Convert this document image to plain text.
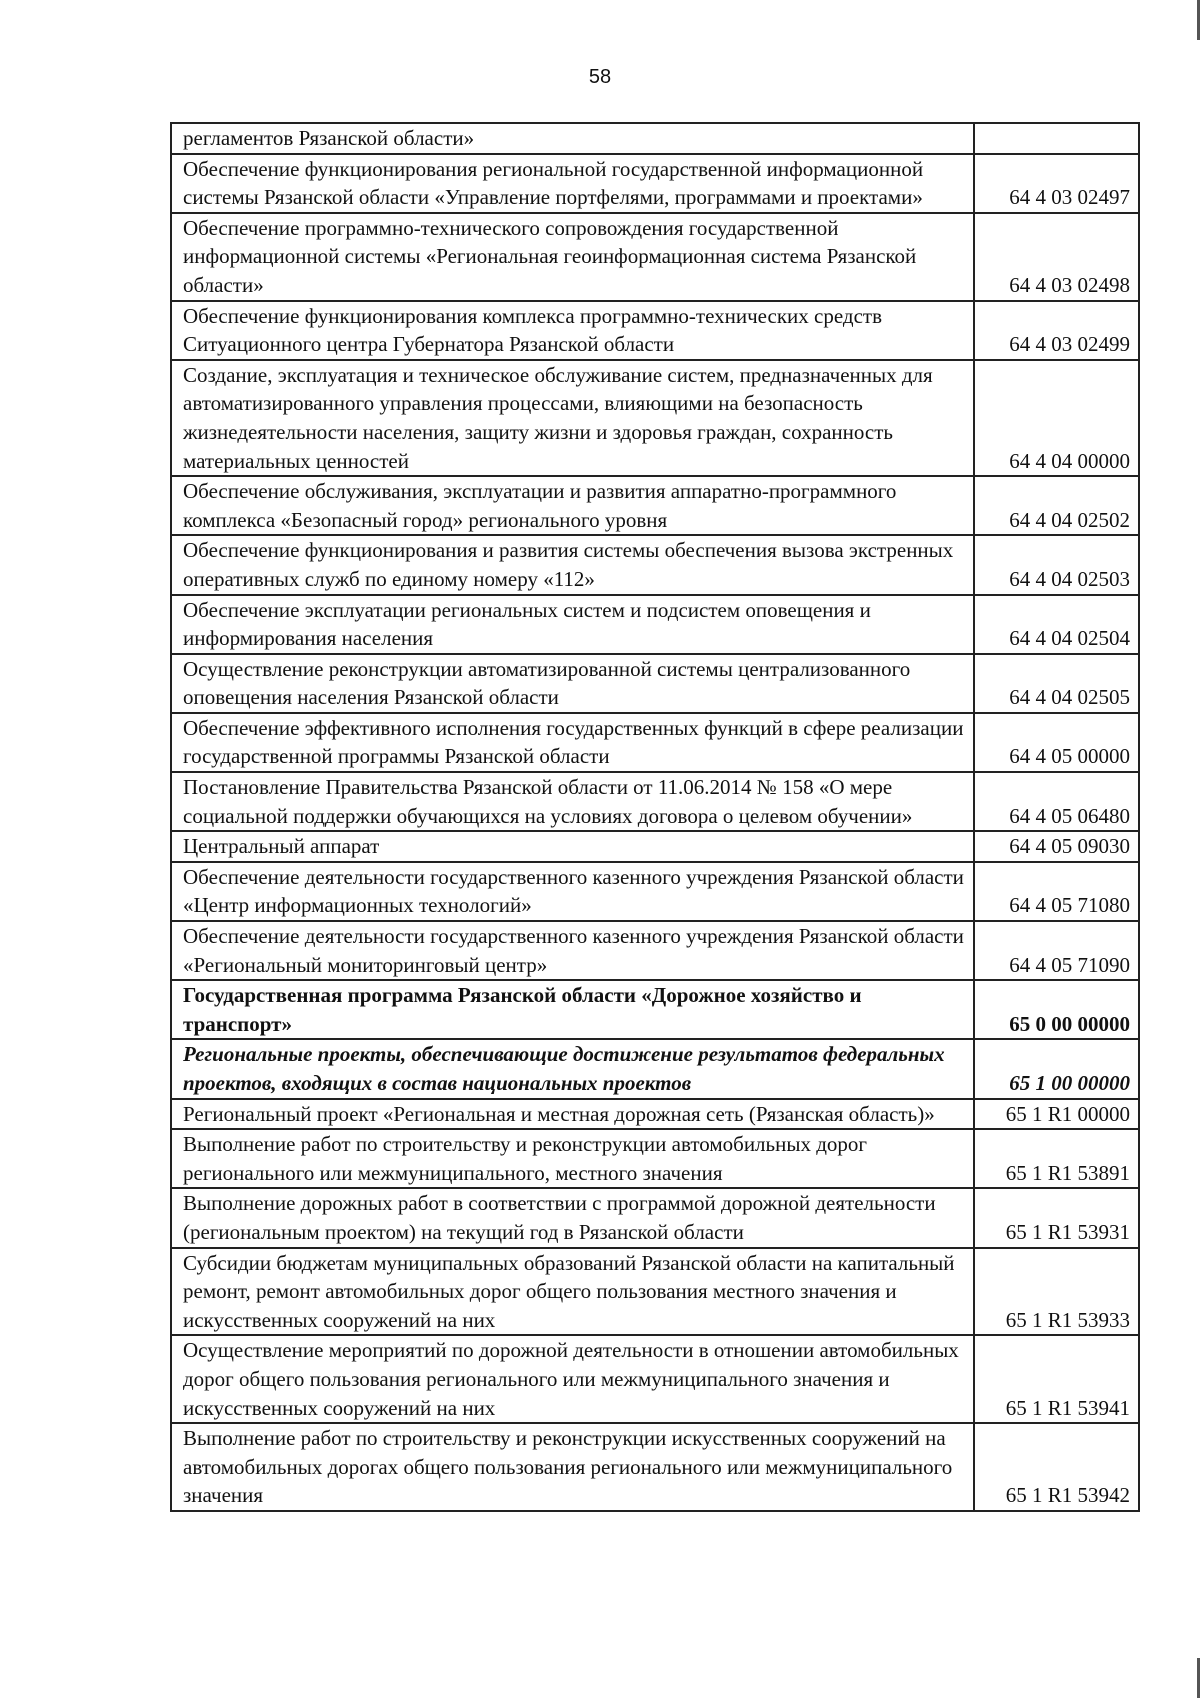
58
регламентов Рязанской области»	
Обеспечение функционирования региональной государственной информационной системы Рязанской области «Управление портфелями, программами и проектами»	64 4 03 02497
Обеспечение программно-технического сопровождения государственной информационной системы «Региональная геоинформационная система Рязанской области»	64 4 03 02498
Обеспечение функционирования комплекса программно-технических средств Ситуационного центра Губернатора Рязанской области	64 4 03 02499
Создание, эксплуатация и техническое обслуживание систем, предназначенных для автоматизированного управления процессами, влияющими на безопасность жизнедеятельности населения, защиту жизни и здоровья граждан, сохранность материальных ценностей	64 4 04 00000
Обеспечение обслуживания, эксплуатации и развития аппаратно-программного комплекса «Безопасный город» регионального уровня	64 4 04 02502
Обеспечение функционирования и развития системы обеспечения вызова экстренных оперативных служб по единому номеру «112»	64 4 04 02503
Обеспечение эксплуатации региональных систем и подсистем оповещения и информирования населения	64 4 04 02504
Осуществление реконструкции автоматизированной системы централизованного оповещения населения Рязанской области	64 4 04 02505
Обеспечение эффективного исполнения государственных функций в сфере реализации государственной программы Рязанской области	64 4 05 00000
Постановление Правительства Рязанской области от 11.06.2014 № 158 «О мере социальной поддержки обучающихся на условиях договора о целевом обучении»	64 4 05 06480
Центральный аппарат	64 4 05 09030
Обеспечение деятельности государственного казенного учреждения Рязанской области «Центр информационных технологий»	64 4 05 71080
Обеспечение деятельности государственного казенного учреждения Рязанской области «Региональный мониторинговый центр»	64 4 05 71090
Государственная программа Рязанской области «Дорожное хозяйство и транспорт»	65 0 00 00000
Региональные проекты, обеспечивающие достижение результатов федеральных проектов, входящих в состав национальных проектов	65 1 00 00000
Региональный проект «Региональная и местная дорожная сеть (Рязанская область)»	65 1 R1 00000
Выполнение работ по строительству и реконструкции автомобильных дорог регионального или межмуниципального, местного значения	65 1 R1 53891
Выполнение дорожных работ в соответствии с программой дорожной деятельности (региональным проектом) на текущий год в Рязанской области	65 1 R1 53931
Субсидии бюджетам муниципальных образований Рязанской области на капитальный ремонт, ремонт автомобильных дорог общего пользования местного значения и искусственных сооружений на них	65 1 R1 53933
Осуществление мероприятий по дорожной деятельности в отношении автомобильных дорог общего пользования регионального или межмуниципального значения и искусственных сооружений на них	65 1 R1 53941
Выполнение работ по строительству и реконструкции искусственных сооружений на автомобильных дорогах общего пользования регионального или межмуниципального значения	65 1 R1 53942
